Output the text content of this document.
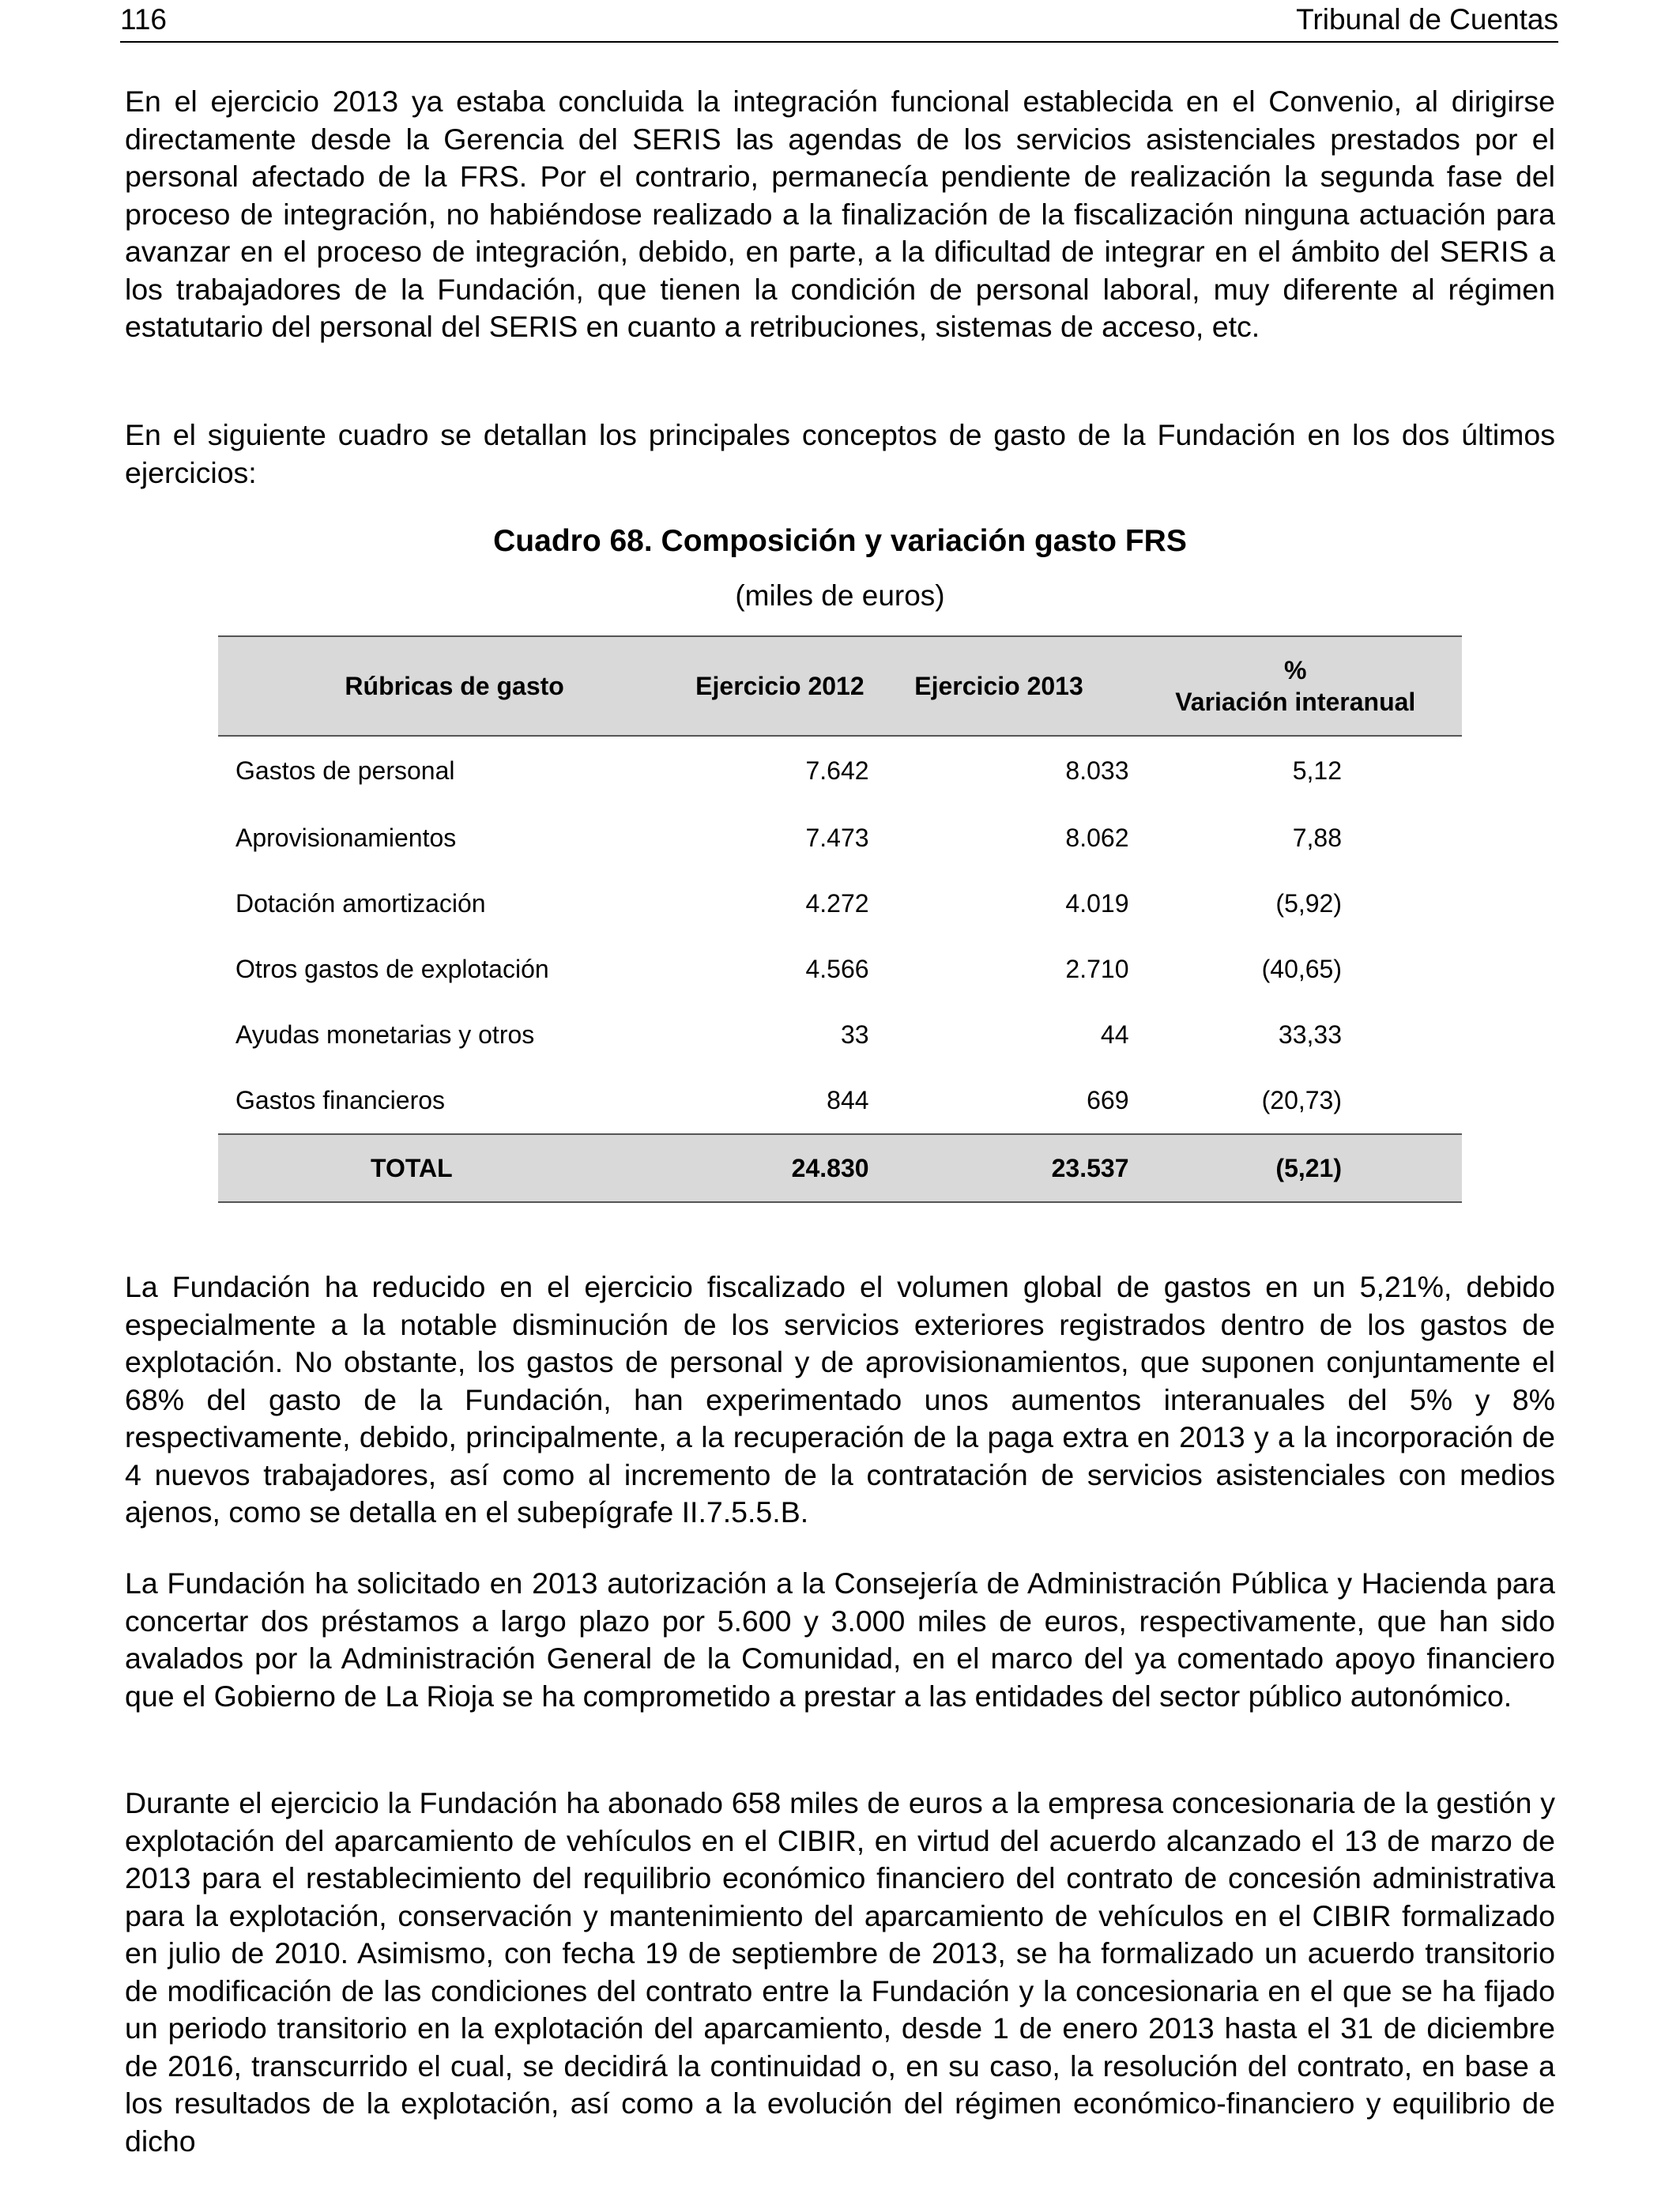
116	Tribunal de Cuentas

En el ejercicio 2013 ya estaba concluida la integración funcional establecida en el Convenio, al dirigirse directamente desde la Gerencia del SERIS las agendas de los servicios asistenciales prestados por el personal afectado de la FRS. Por el contrario, permanecía pendiente de realización la segunda fase del proceso de integración, no habiéndose realizado a la finalización de la fiscalización ninguna actuación para avanzar en el proceso de integración, debido, en parte, a la dificultad de integrar en el ámbito del SERIS a los trabajadores de la Fundación, que tienen la condición de personal laboral, muy diferente al régimen estatutario del personal del SERIS en cuanto a retribuciones, sistemas de acceso, etc.

En el siguiente cuadro se detallan los principales conceptos de gasto de la Fundación en los dos últimos ejercicios:

Cuadro 68. Composición y variación gasto FRS
(miles de euros)
Rúbricas de gasto	Ejercicio 2012	Ejercicio 2013	%
Variación interanual

Gastos de personal	7.642	8.033	5,12
Aprovisionamientos	7.473	8.062	7,88
Dotación amortización	4.272	4.019	(5,92)
Otros gastos de explotación	4.566	2.710	(40,65)
Ayudas monetarias y otros	33	44	33,33
Gastos financieros	844	669	(20,73)
TOTAL	24.830	23.537	(5,21)

La Fundación ha reducido en el ejercicio fiscalizado el volumen global de gastos en un 5,21%, debido especialmente a la notable disminución de los servicios exteriores registrados dentro de los gastos de explotación. No obstante, los gastos de personal y de aprovisionamientos, que suponen conjuntamente el 68% del gasto de la Fundación, han experimentado unos aumentos interanuales del 5% y 8% respectivamente, debido, principalmente, a la recuperación de la paga extra en 2013 y a la incorporación de 4 nuevos trabajadores, así como al incremento de la contratación de servicios asistenciales con medios ajenos, como se detalla en el subepígrafe II.7.5.5.B.

La Fundación ha solicitado en 2013 autorización a la Consejería de Administración Pública y Hacienda para concertar dos préstamos a largo plazo por 5.600 y 3.000 miles de euros, respectivamente, que han sido avalados por la Administración General de la Comunidad, en el marco del ya comentado apoyo financiero que el Gobierno de La Rioja se ha comprometido a prestar a las entidades del sector público autonómico.

Durante el ejercicio la Fundación ha abonado 658 miles de euros a la empresa concesionaria de la gestión y explotación del aparcamiento de vehículos en el CIBIR, en virtud del acuerdo alcanzado el 13 de marzo de 2013 para el restablecimiento del requilibrio económico financiero del contrato de concesión administrativa para la explotación, conservación y mantenimiento del aparcamiento de vehículos en el CIBIR formalizado en julio de 2010. Asimismo, con fecha 19 de septiembre de 2013, se ha formalizado un acuerdo transitorio de modificación de las condiciones del contrato entre la Fundación y la concesionaria en el que se ha fijado un periodo transitorio en la explotación del aparcamiento, desde 1 de enero 2013 hasta el 31 de diciembre de 2016, transcurrido el cual, se decidirá la continuidad o, en su caso, la resolución del contrato, en base a los resultados de la explotación, así como a la evolución del régimen económico-financiero y equilibrio de dicho
